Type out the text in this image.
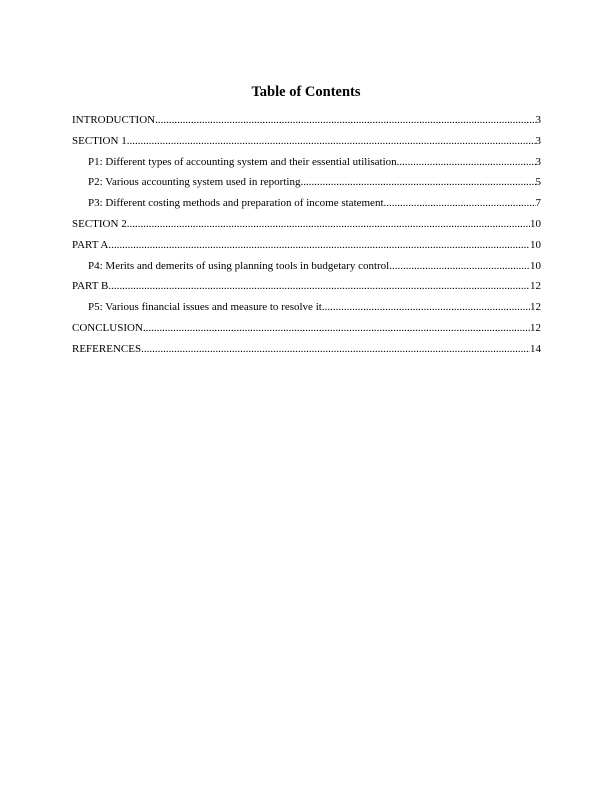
Table of Contents
INTRODUCTION .....	3
SECTION 1 .....	3
P1: Different types of accounting system and their essential utilisation .....	3
P2: Various accounting system used in reporting .....	5
P3: Different costing methods and preparation of income statement .....	7
SECTION 2 .....	10
PART A .....	10
P4: Merits and demerits of using planning tools in budgetary control .....	10
PART B .....	12
P5: Various financial issues and measure to resolve it .....	12
CONCLUSION .....	12
REFERENCES .....	14
